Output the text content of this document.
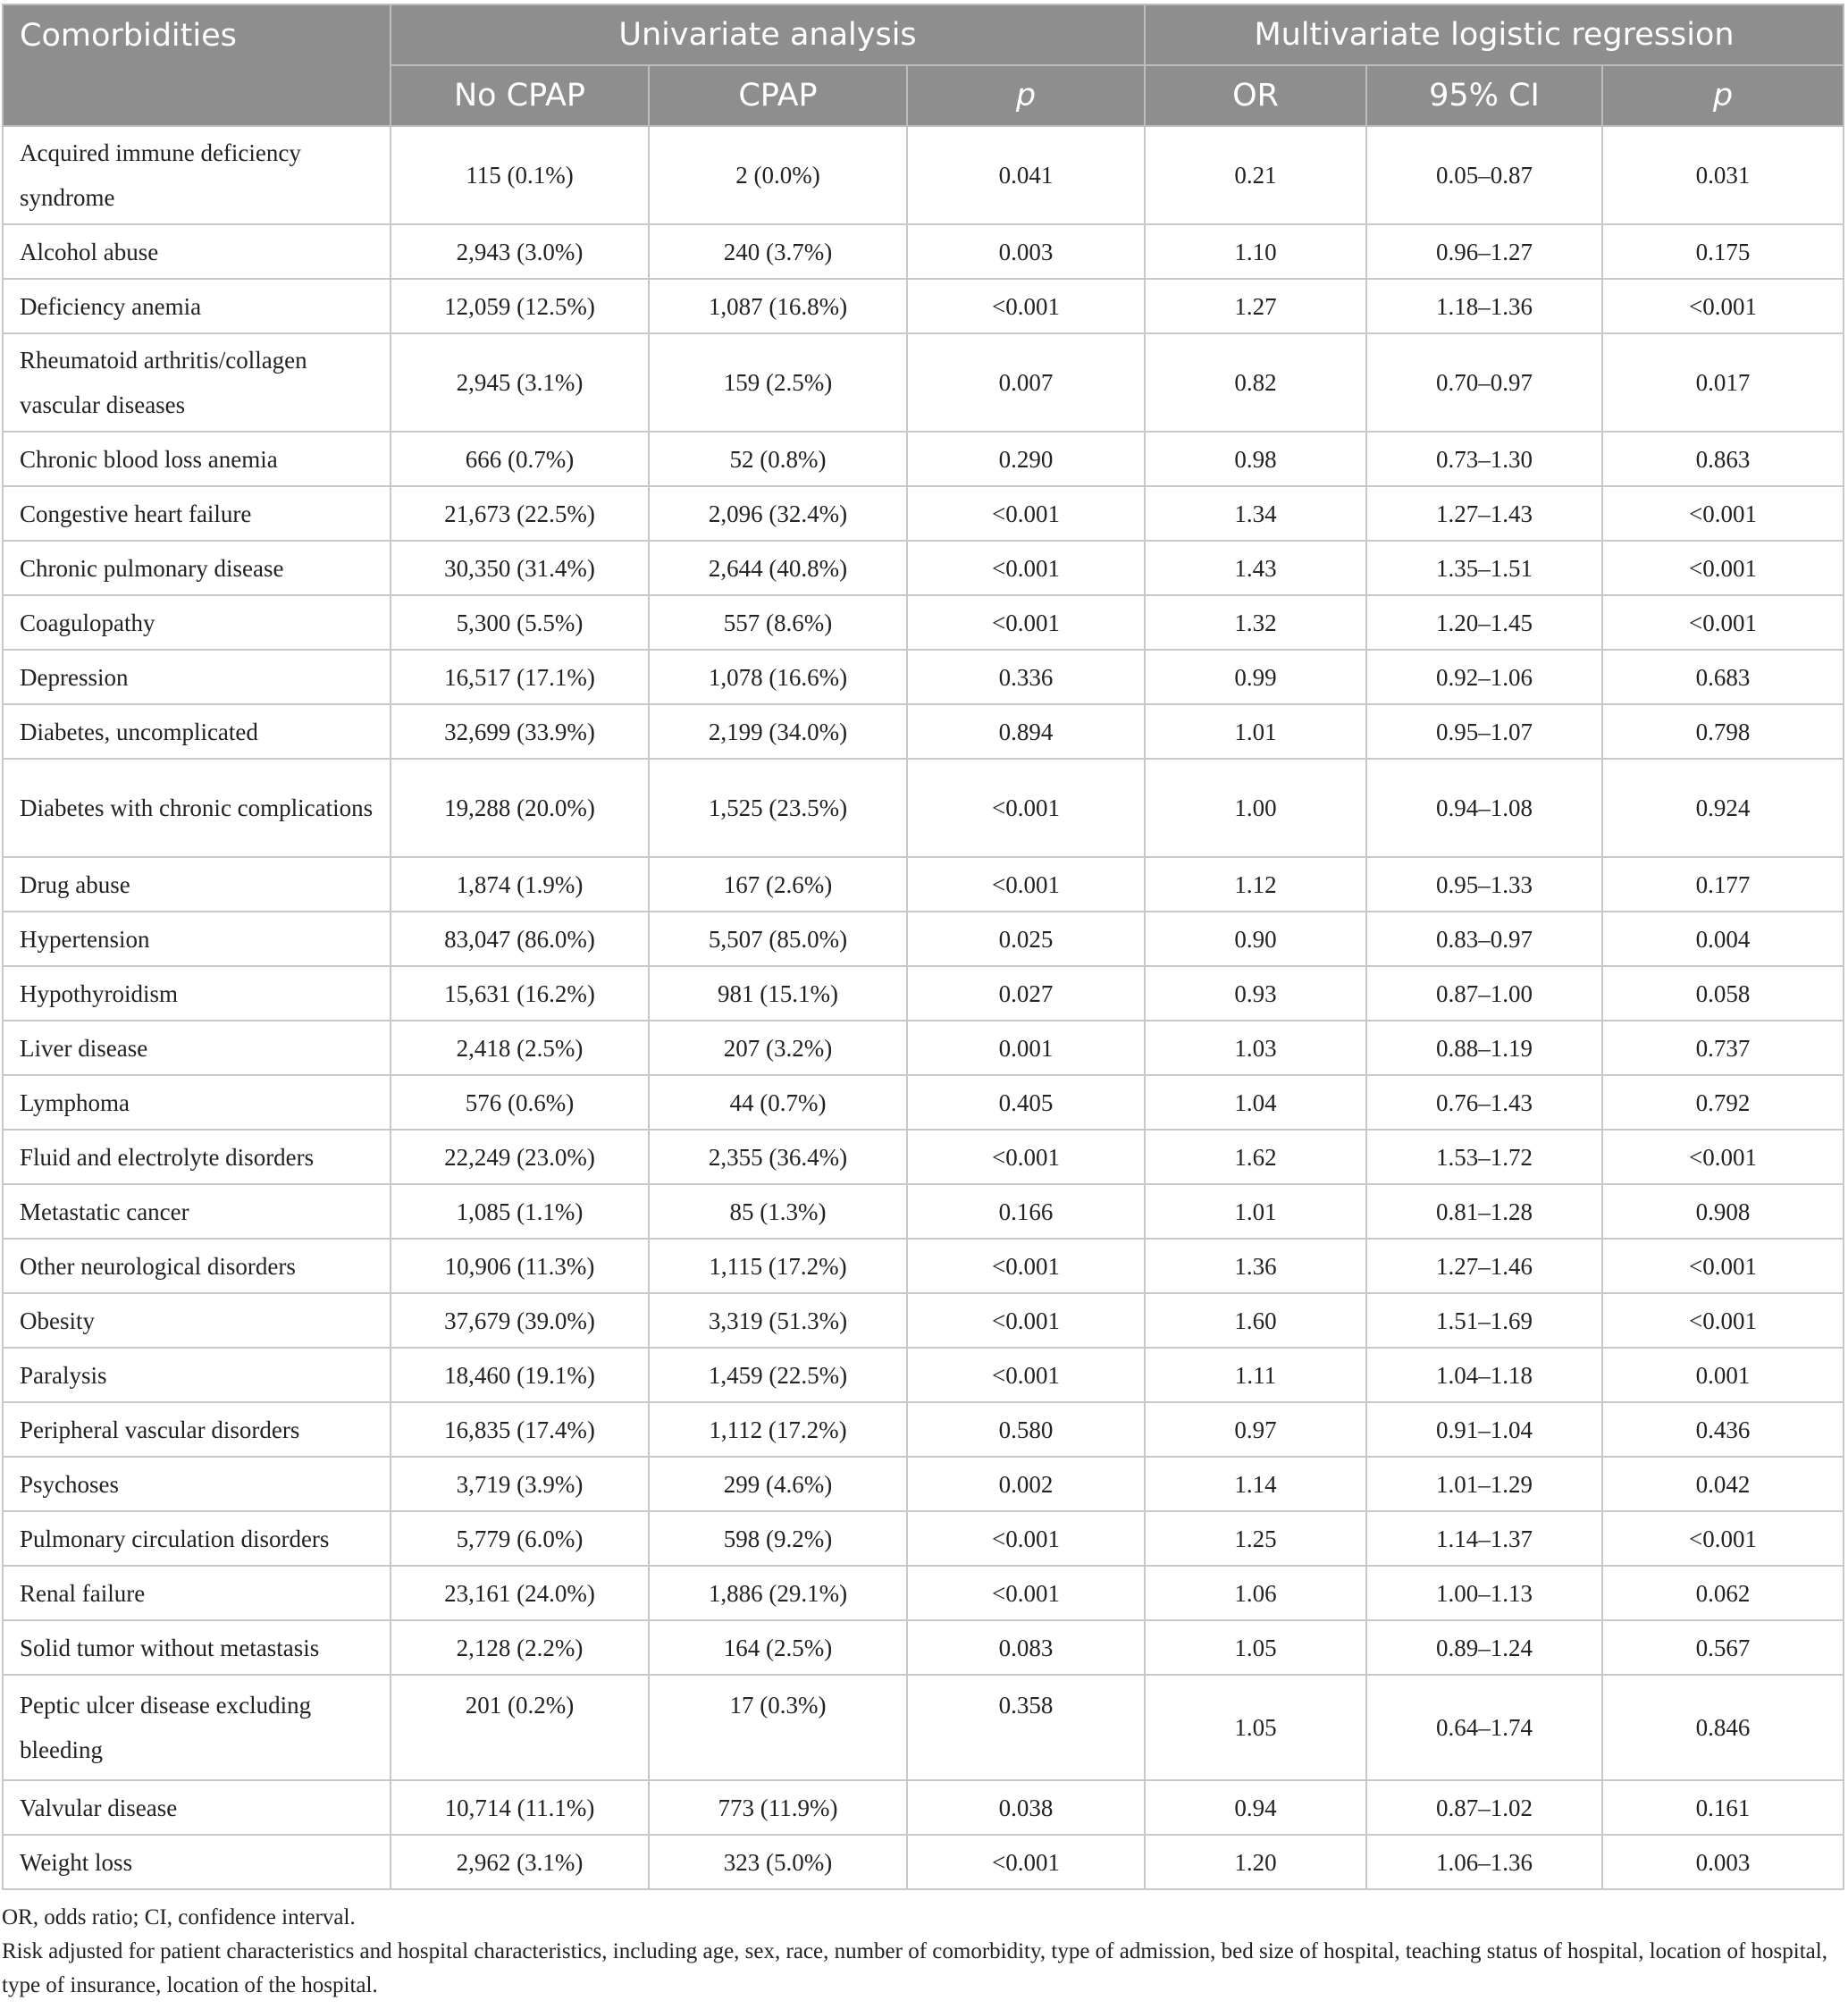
Comorbidities	Univariate analysis			Multivariate logistic regression		
	No CPAP	CPAP	p	OR	95% CI	p
Acquired immune deficiency syndrome	115 (0.1%)	2 (0.0%)	0.041	0.21	0.05–0.87	0.031
Alcohol abuse	2,943 (3.0%)	240 (3.7%)	0.003	1.10	0.96–1.27	0.175
Deficiency anemia	12,059 (12.5%)	1,087 (16.8%)	<0.001	1.27	1.18–1.36	<0.001
Rheumatoid arthritis/collagen vascular diseases	2,945 (3.1%)	159 (2.5%)	0.007	0.82	0.70–0.97	0.017
Chronic blood loss anemia	666 (0.7%)	52 (0.8%)	0.290	0.98	0.73–1.30	0.863
Congestive heart failure	21,673 (22.5%)	2,096 (32.4%)	<0.001	1.34	1.27–1.43	<0.001
Chronic pulmonary disease	30,350 (31.4%)	2,644 (40.8%)	<0.001	1.43	1.35–1.51	<0.001
Coagulopathy	5,300 (5.5%)	557 (8.6%)	<0.001	1.32	1.20–1.45	<0.001
Depression	16,517 (17.1%)	1,078 (16.6%)	0.336	0.99	0.92–1.06	0.683
Diabetes, uncomplicated	32,699 (33.9%)	2,199 (34.0%)	0.894	1.01	0.95–1.07	0.798
Diabetes with chronic complications	19,288 (20.0%)	1,525 (23.5%)	<0.001	1.00	0.94–1.08	0.924
Drug abuse	1,874 (1.9%)	167 (2.6%)	<0.001	1.12	0.95–1.33	0.177
Hypertension	83,047 (86.0%)	5,507 (85.0%)	0.025	0.90	0.83–0.97	0.004
Hypothyroidism	15,631 (16.2%)	981 (15.1%)	0.027	0.93	0.87–1.00	0.058
Liver disease	2,418 (2.5%)	207 (3.2%)	0.001	1.03	0.88–1.19	0.737
Lymphoma	576 (0.6%)	44 (0.7%)	0.405	1.04	0.76–1.43	0.792
Fluid and electrolyte disorders	22,249 (23.0%)	2,355 (36.4%)	<0.001	1.62	1.53–1.72	<0.001
Metastatic cancer	1,085 (1.1%)	85 (1.3%)	0.166	1.01	0.81–1.28	0.908
Other neurological disorders	10,906 (11.3%)	1,115 (17.2%)	<0.001	1.36	1.27–1.46	<0.001
Obesity	37,679 (39.0%)	3,319 (51.3%)	<0.001	1.60	1.51–1.69	<0.001
Paralysis	18,460 (19.1%)	1,459 (22.5%)	<0.001	1.11	1.04–1.18	0.001
Peripheral vascular disorders	16,835 (17.4%)	1,112 (17.2%)	0.580	0.97	0.91–1.04	0.436
Psychoses	3,719 (3.9%)	299 (4.6%)	0.002	1.14	1.01–1.29	0.042
Pulmonary circulation disorders	5,779 (6.0%)	598 (9.2%)	<0.001	1.25	1.14–1.37	<0.001
Renal failure	23,161 (24.0%)	1,886 (29.1%)	<0.001	1.06	1.00–1.13	0.062
Solid tumor without metastasis	2,128 (2.2%)	164 (2.5%)	0.083	1.05	0.89–1.24	0.567
Peptic ulcer disease excluding bleeding	201 (0.2%)	17 (0.3%)	0.358	1.05	0.64–1.74	0.846
Valvular disease	10,714 (11.1%)	773 (11.9%)	0.038	0.94	0.87–1.02	0.161
Weight loss	2,962 (3.1%)	323 (5.0%)	<0.001	1.20	1.06–1.36	0.003
OR, odds ratio; CI, confidence interval.
Risk adjusted for patient characteristics and hospital characteristics, including age, sex, race, number of comorbidity, type of admission, bed size of hospital, teaching status of hospital, location of hospital, type of insurance, location of the hospital.
